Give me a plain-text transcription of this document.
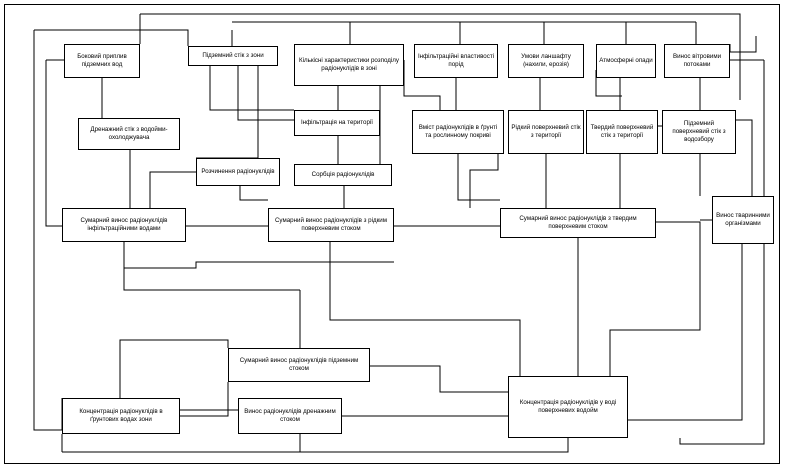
Боковий приплив підземних вод
Підземний стік з зони
Кількісні характеристики розподілу радіонуклідів в зоні
Інфільтраційні властивості порід
Умови ланшафту (нахили, ерозія)
Атмосферні опади
Винос вітровими потоками
Інфільтрація на території
Дренажний стік з водойми-охолоджувача
Вміст радіонуклідів в ґрунті та рослинному покриві
Рідкий поверхневий стік з території
Твердий поверхневий стік з території
Підземний поверхневий стік з водозбору
Розчинення радіонуклідів	Сорбція радіонуклідів
Сумарний винос радіонуклідів інфільтраційними водами
Сумарний винос радіонуклідів з рідким поверхневим стоком
Сумарний винос радіонуклідів з твердим поверхневим стоком
Винос тваринними організмами
Сумарний винос радіонуклідів підземним стоком
Концентрація радіонуклідів у воді поверхневих водойм
Концентрація радіонуклідів в ґрунтових водах зони
Винос радіонуклідів дренажним стоком
